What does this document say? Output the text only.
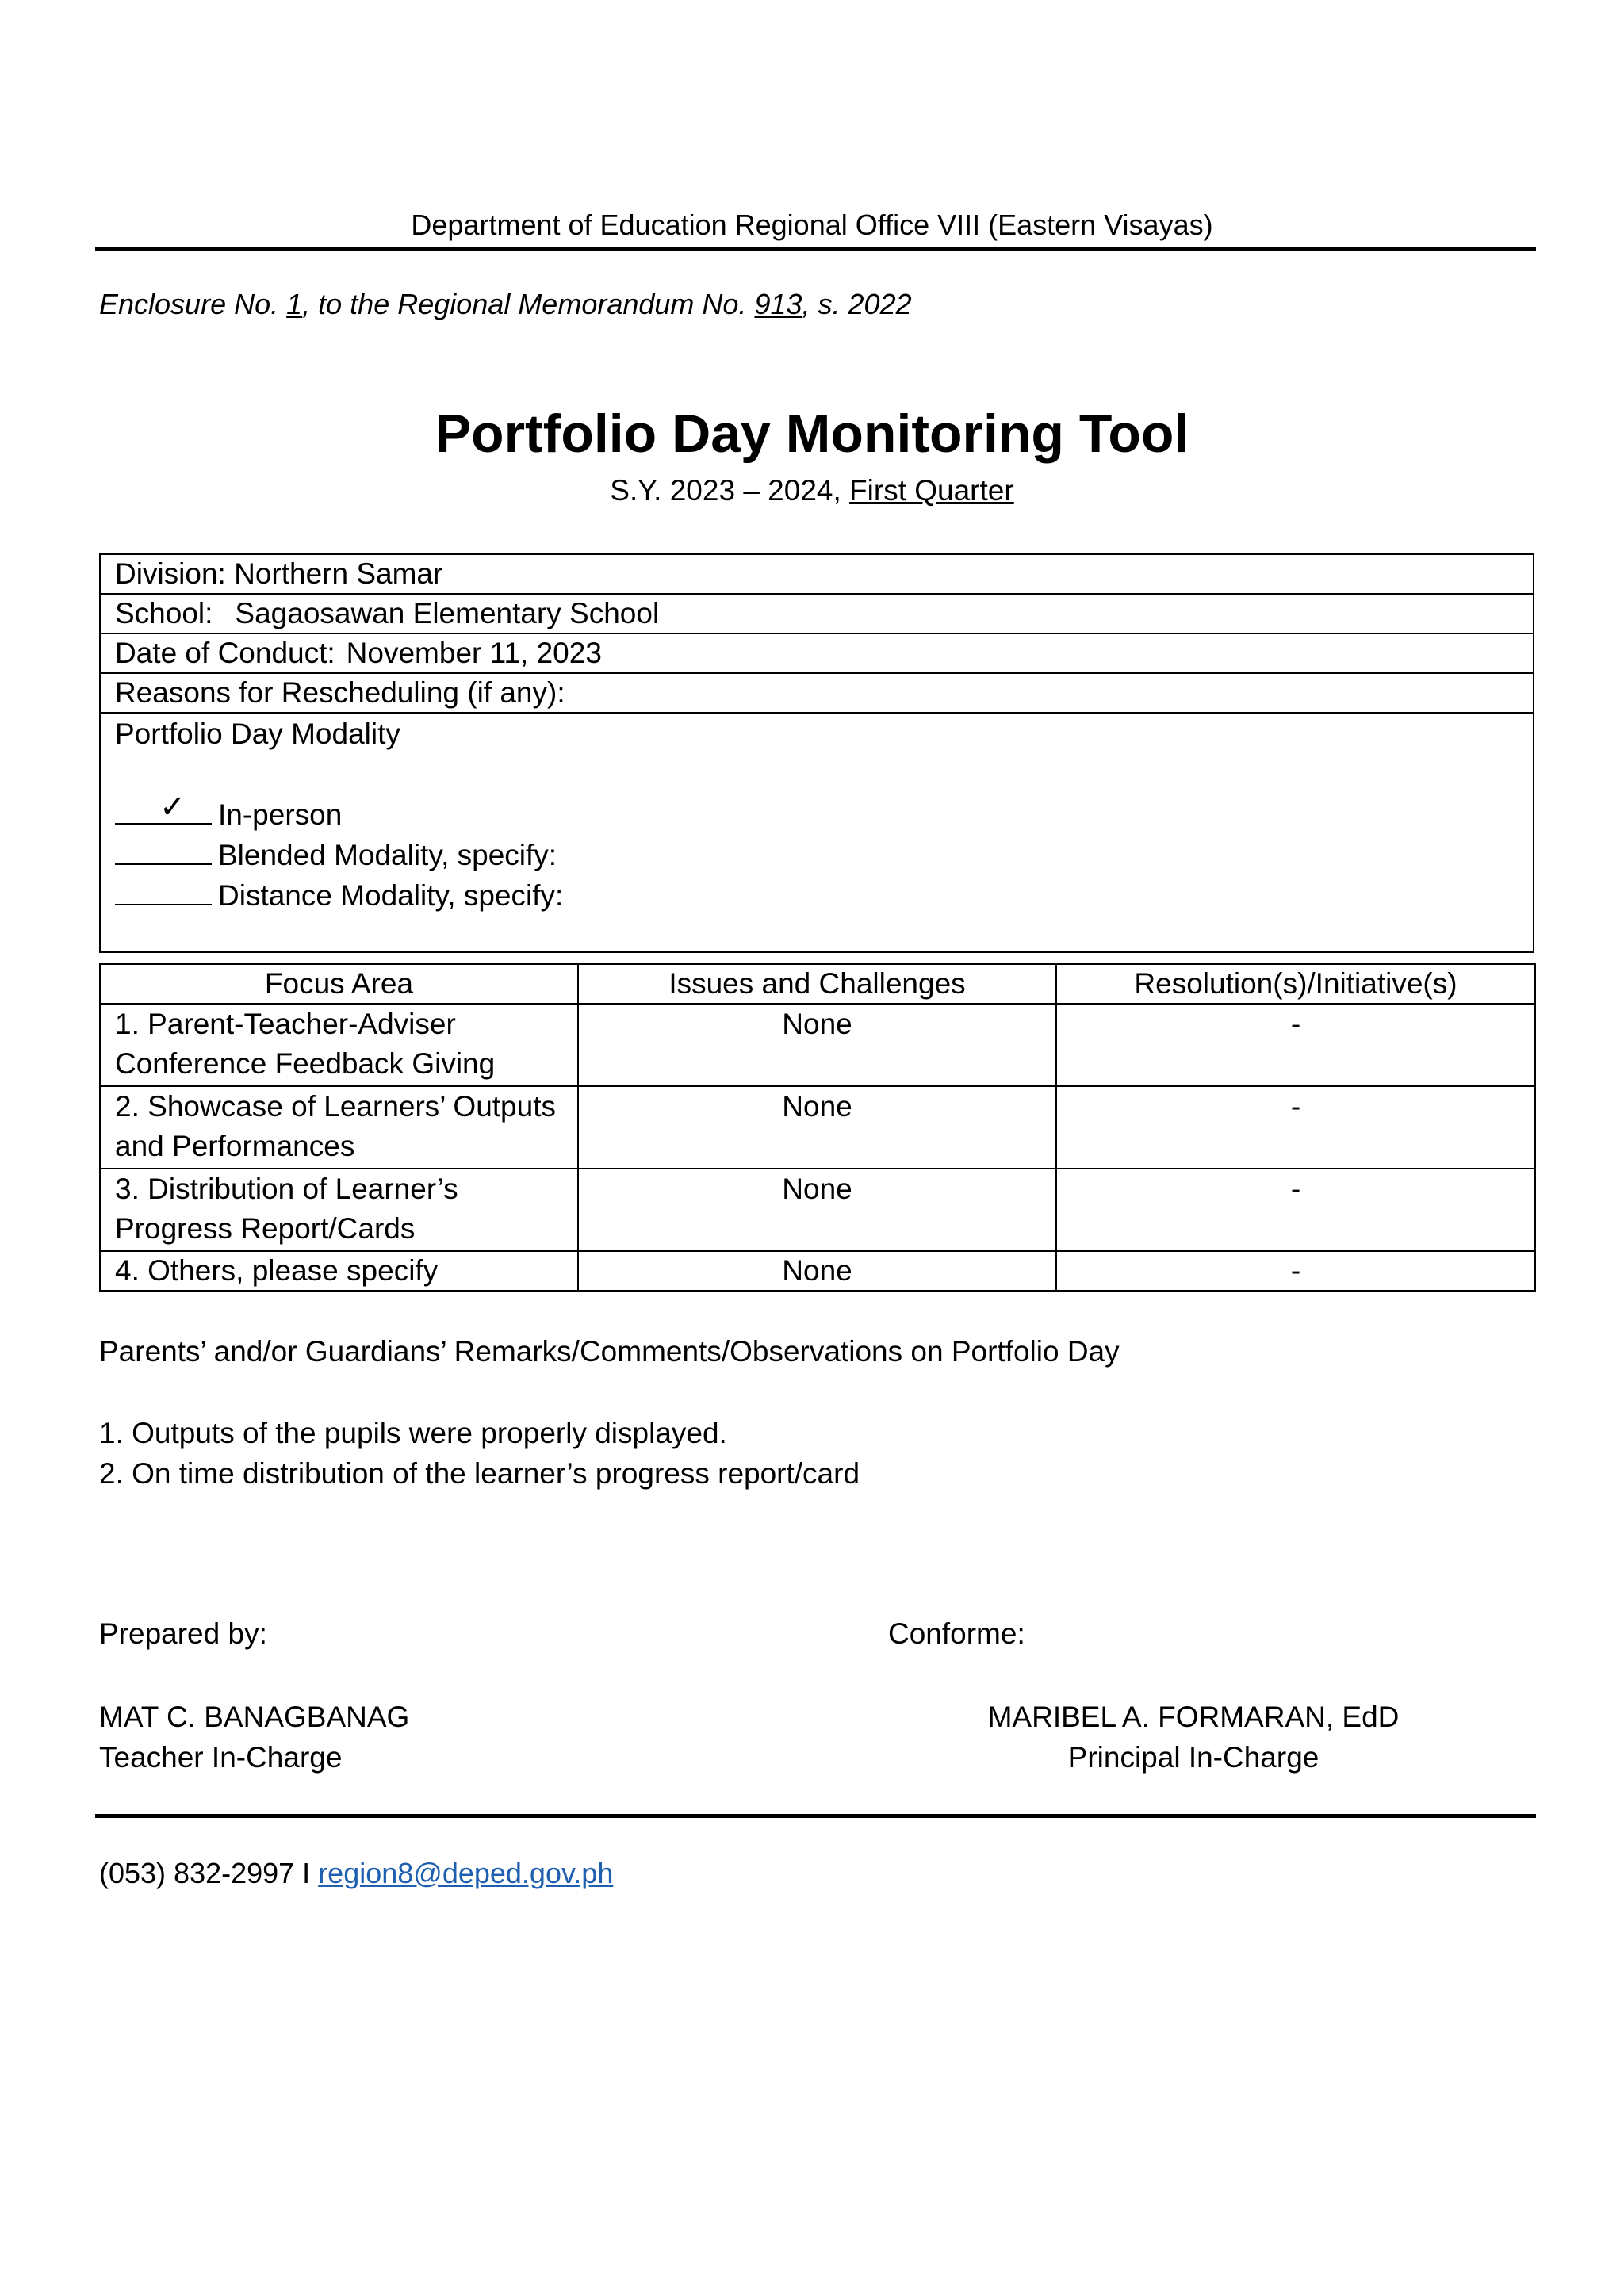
Department of Education Regional Office VIII (Eastern Visayas)
Enclosure No. 1, to the Regional Memorandum No. 913, s. 2022
Portfolio Day Monitoring Tool
S.Y. 2023 – 2024, First Quarter
Division: Northern Samar
School: Sagaosawan Elementary School
Date of Conduct: November 11, 2023
Reasons for Rescheduling (if any):

Portfolio Day Modality
✓ In-person
Blended Modality, specify:
Distance Modality, specify:
Focus Area	Issues and Challenges	Resolution(s)/Initiative(s)
1. Parent-Teacher-Adviser Conference Feedback Giving	None	-
2. Showcase of Learners’ Outputs and Performances	None	-
3. Distribution of Learner’s Progress Report/Cards	None	-
4. Others, please specify	None	-
Parents’ and/or Guardians’ Remarks/Comments/Observations on Portfolio Day
1. Outputs of the pupils were properly displayed.
2. On time distribution of the learner’s progress report/card
Prepared by:	Conforme:
MAT C. BANAGBANAG
Teacher In-Charge
MARIBEL A. FORMARAN, EdD
Principal In-Charge
(053) 832-2997 I region8@deped.gov.ph
